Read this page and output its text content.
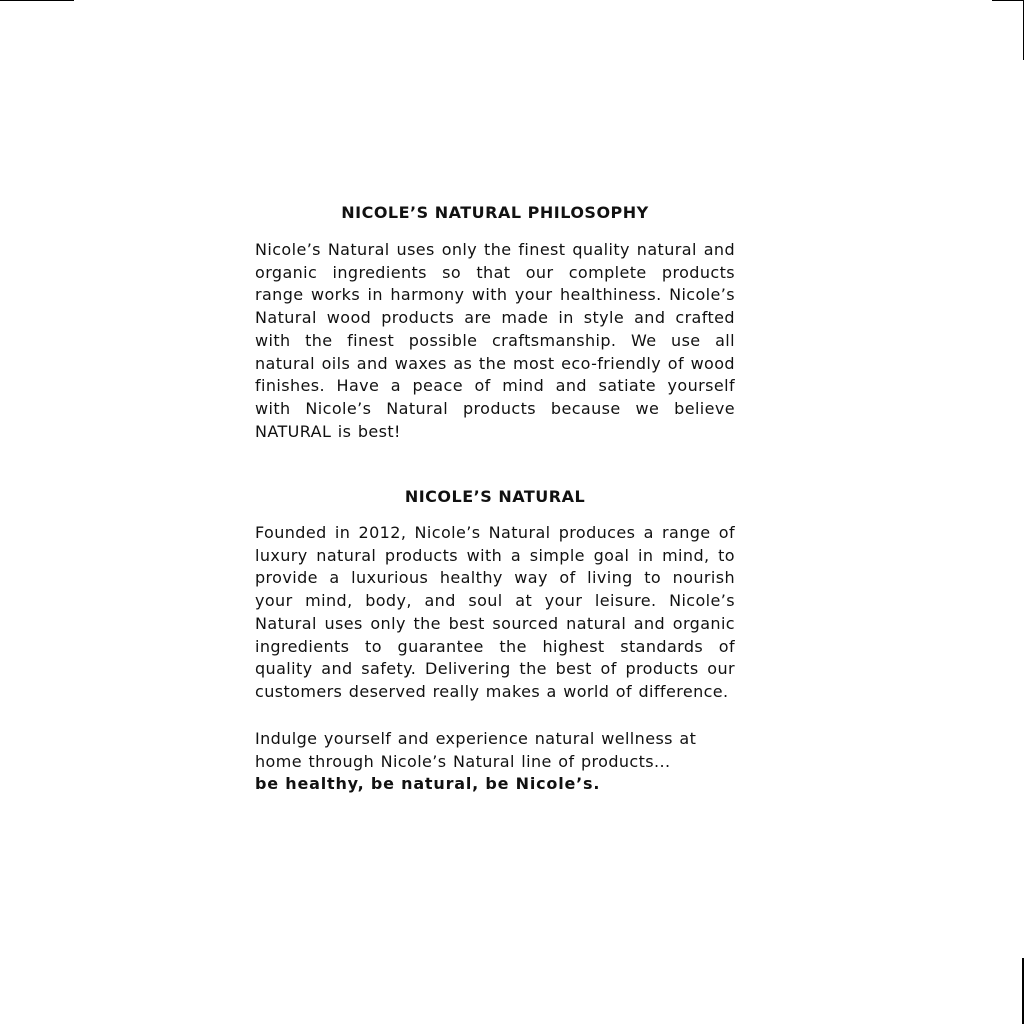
NICOLE’S NATURAL PHILOSOPHY

Nicole’s Natural uses only the finest quality natural and organic ingredients so that our complete products range works in harmony with your healthiness. Nicole’s Natural wood products are made in style and crafted with the finest possible craftsmanship. We use all natural oils and waxes as the most eco-friendly of wood finishes. Have a peace of mind and satiate yourself with Nicole’s Natural products because we believe NATURAL is best!

NICOLE’S NATURAL

Founded in 2012, Nicole’s Natural produces a range of luxury natural products with a simple goal in mind, to provide a luxurious healthy way of living to nourish your mind, body, and soul at your leisure. Nicole’s Natural uses only the best sourced natural and organic ingredients to guarantee the highest standards of quality and safety. Delivering the best of products our customers deserved really makes a world of difference.

Indulge yourself and experience natural wellness at home through Nicole’s Natural line of products...

be healthy, be natural, be Nicole’s.
